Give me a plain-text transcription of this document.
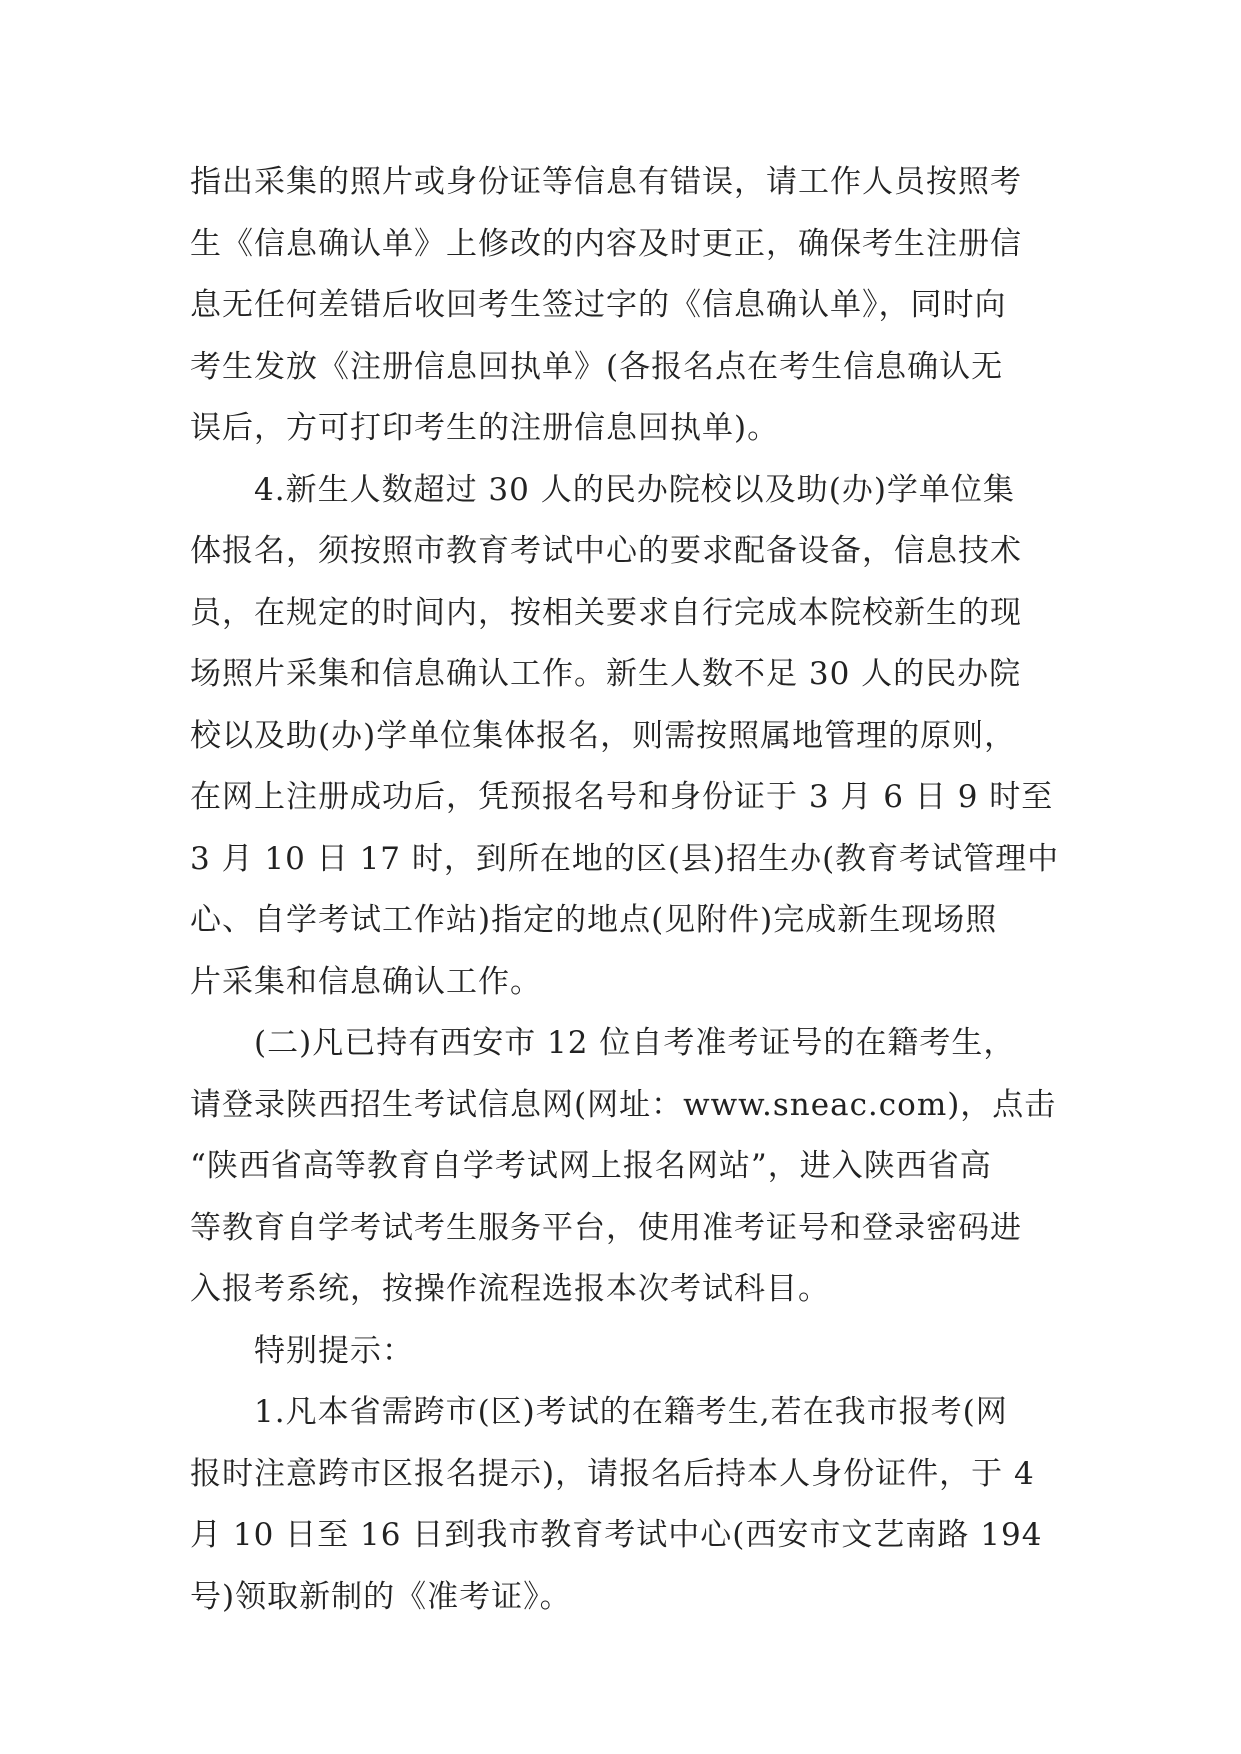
指出采集的照片或身份证等信息有错误，请工作人员按照考
生《信息确认单》上修改的内容及时更正，确保考生注册信
息无任何差错后收回考生签过字的《信息确认单》，同时向
考生发放《注册信息回执单》(各报名点在考生信息确认无
误后，方可打印考生的注册信息回执单)。
4.新生人数超过 30 人的民办院校以及助(办)学单位集
体报名，须按照市教育考试中心的要求配备设备，信息技术
员，在规定的时间内，按相关要求自行完成本院校新生的现
场照片采集和信息确认工作。新生人数不足 30 人的民办院
校以及助(办)学单位集体报名，则需按照属地管理的原则，
在网上注册成功后，凭预报名号和身份证于 3 月 6 日 9 时至
3 月 10 日 17 时，到所在地的区(县)招生办(教育考试管理中
心、自学考试工作站)指定的地点(见附件)完成新生现场照
片采集和信息确认工作。
(二)凡已持有西安市 12 位自考准考证号的在籍考生，
请登录陕西招生考试信息网(网址：www.sneac.com)，点击
“陕西省高等教育自学考试网上报名网站”，进入陕西省高
等教育自学考试考生服务平台，使用准考证号和登录密码进
入报考系统，按操作流程选报本次考试科目。
特别提示：
1.凡本省需跨市(区)考试的在籍考生,若在我市报考(网
报时注意跨市区报名提示)，请报名后持本人身份证件，于 4
月 10 日至 16 日到我市教育考试中心(西安市文艺南路 194
号)领取新制的《准考证》。
